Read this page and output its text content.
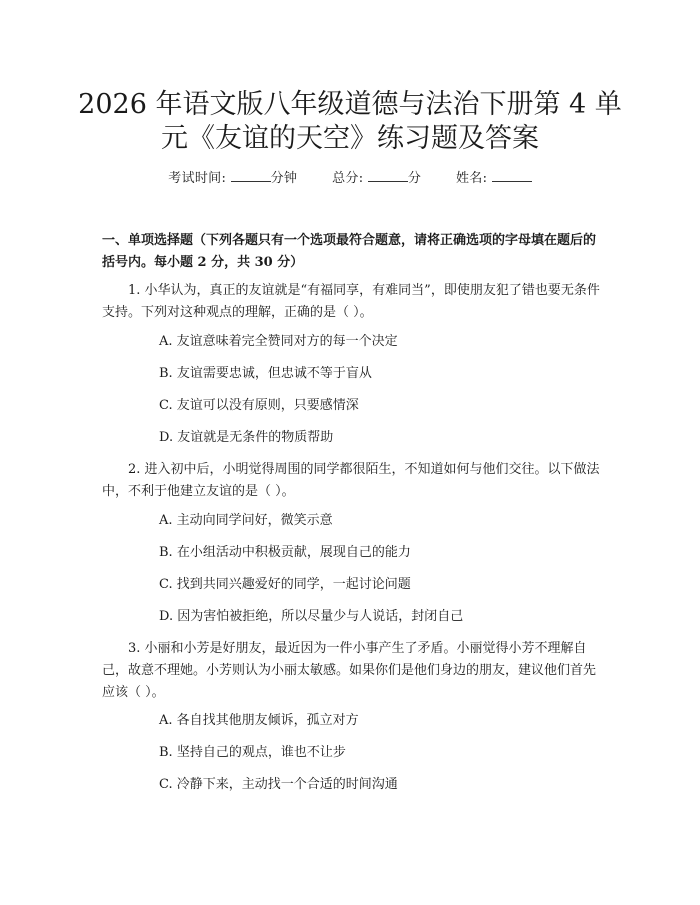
2026 年语文版八年级道德与法治下册第 4 单
元《友谊的天空》练习题及答案
考试时间:	分钟	总分:	分	姓名:
一、单项选择题（下列各题只有一个选项最符合题意，请将正确选项的字母填在题后的括号内。每小题 2 分，共 30 分）
1. 小华认为，真正的友谊就是“有福同享，有难同当”，即使朋友犯了错也要无条件支持。下列对这种观点的理解，正确的是（ ）。
A. 友谊意味着完全赞同对方的每一个决定
B. 友谊需要忠诚，但忠诚不等于盲从
C. 友谊可以没有原则，只要感情深
D. 友谊就是无条件的物质帮助
2. 进入初中后，小明觉得周围的同学都很陌生，不知道如何与他们交往。以下做法中，不利于他建立友谊的是（ ）。
A. 主动向同学问好，微笑示意
B. 在小组活动中积极贡献，展现自己的能力
C. 找到共同兴趣爱好的同学，一起讨论问题
D. 因为害怕被拒绝，所以尽量少与人说话，封闭自己
3. 小丽和小芳是好朋友，最近因为一件小事产生了矛盾。小丽觉得小芳不理解自己，故意不理她。小芳则认为小丽太敏感。如果你们是他们身边的朋友，建议他们首先应该（ ）。
A. 各自找其他朋友倾诉，孤立对方
B. 坚持自己的观点，谁也不让步
C. 冷静下来，主动找一个合适的时间沟通
